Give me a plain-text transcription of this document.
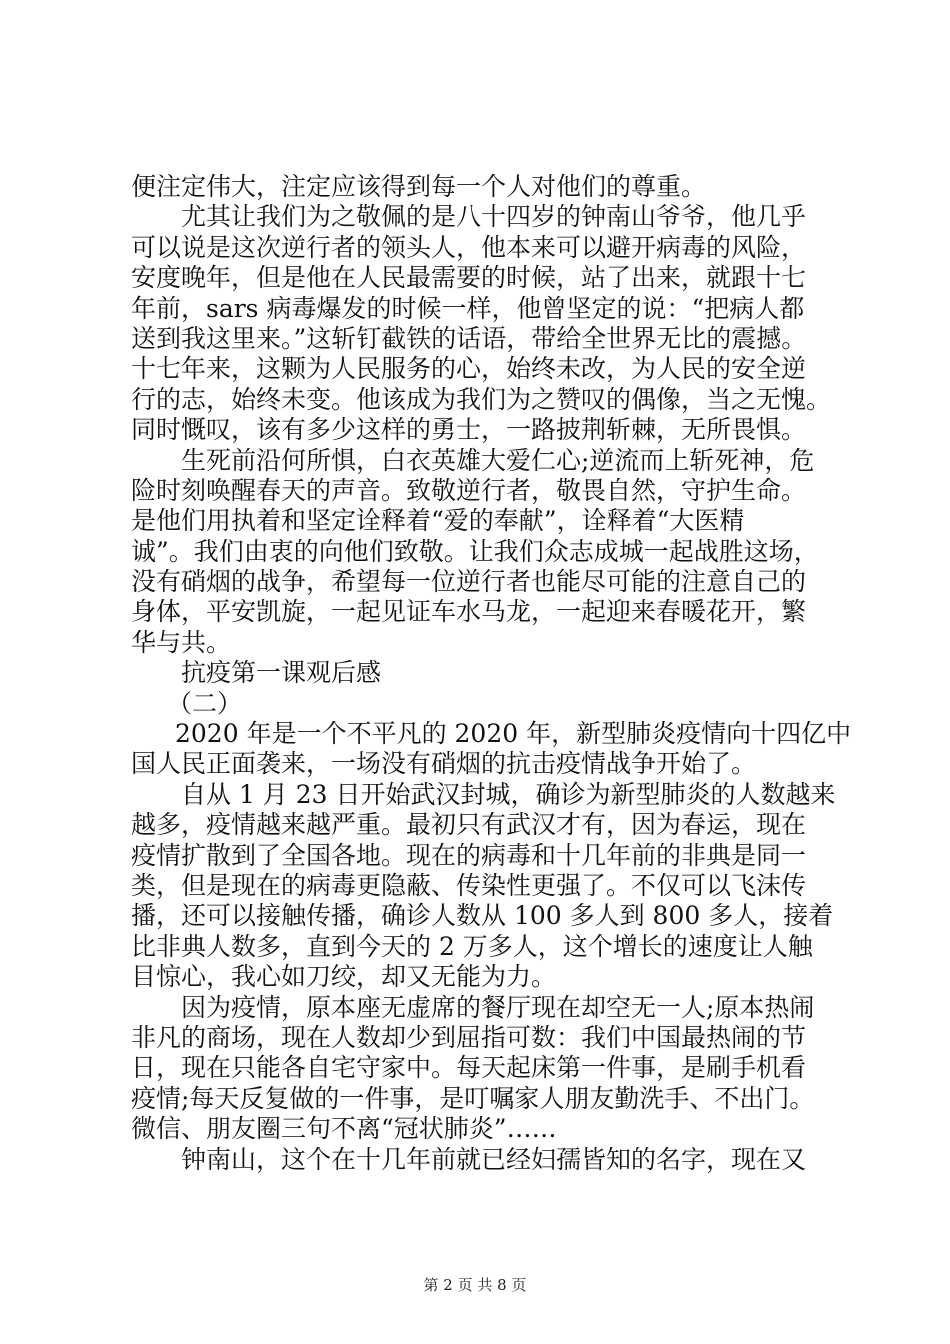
便注定伟大，注定应该得到每一个人对他们的尊重。
尤其让我们为之敬佩的是八十四岁的钟南山爷爷，他几乎
可以说是这次逆行者的领头人，他本来可以避开病毒的风险，
安度晚年，但是他在人民最需要的时候，站了出来，就跟十七
年前，sars 病毒爆发的时候一样，他曾坚定的说：“把病人都
送到我这里来。”这斩钉截铁的话语，带给全世界无比的震撼。
十七年来，这颗为人民服务的心，始终未改，为人民的安全逆
行的志，始终未变。他该成为我们为之赞叹的偶像，当之无愧。
同时慨叹，该有多少这样的勇士，一路披荆斩棘，无所畏惧。
生死前沿何所惧，白衣英雄大爱仁心;逆流而上斩死神，危
险时刻唤醒春天的声音。致敬逆行者，敬畏自然，守护生命。
是他们用执着和坚定诠释着“爱的奉献”，诠释着“大医精
诚”。我们由衷的向他们致敬。让我们众志成城一起战胜这场，
没有硝烟的战争，希望每一位逆行者也能尽可能的注意自己的
身体，平安凯旋，一起见证车水马龙，一起迎来春暖花开，繁
华与共。
抗疫第一课观后感
（二）
2020 年是一个不平凡的 2020 年，新型肺炎疫情向十四亿中
国人民正面袭来，一场没有硝烟的抗击疫情战争开始了。
自从 1 月 23 日开始武汉封城，确诊为新型肺炎的人数越来
越多，疫情越来越严重。最初只有武汉才有，因为春运，现在
疫情扩散到了全国各地。现在的病毒和十几年前的非典是同一
类，但是现在的病毒更隐蔽、传染性更强了。不仅可以飞沫传
播，还可以接触传播，确诊人数从 100 多人到 800 多人，接着
比非典人数多，直到今天的 2 万多人，这个增长的速度让人触
目惊心，我心如刀绞，却又无能为力。
因为疫情，原本座无虚席的餐厅现在却空无一人;原本热闹
非凡的商场，现在人数却少到屈指可数：我们中国最热闹的节
日，现在只能各自宅守家中。每天起床第一件事，是刷手机看
疫情;每天反复做的一件事，是叮嘱家人朋友勤洗手、不出门。
微信、朋友圈三句不离“冠状肺炎”……
钟南山，这个在十几年前就已经妇孺皆知的名字，现在又
第 2 页 共 8 页
